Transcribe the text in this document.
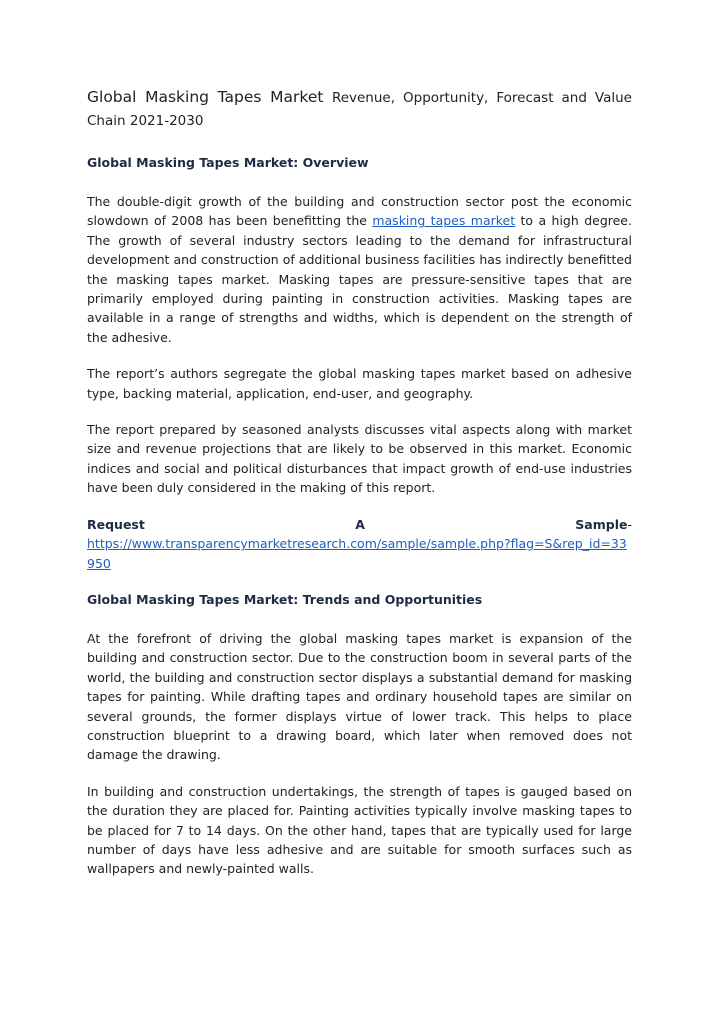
Global Masking Tapes Market Revenue, Opportunity, Forecast and Value Chain 2021-2030

Global Masking Tapes Market: Overview

The double-digit growth of the building and construction sector post the economic slowdown of 2008 has been benefitting the masking tapes market to a high degree. The growth of several industry sectors leading to the demand for infrastructural development and construction of additional business facilities has indirectly benefitted the masking tapes market. Masking tapes are pressure-sensitive tapes that are primarily employed during painting in construction activities. Masking tapes are available in a range of strengths and widths, which is dependent on the strength of the adhesive.

The report’s authors segregate the global masking tapes market based on adhesive type, backing material, application, end-user, and geography.

The report prepared by seasoned analysts discusses vital aspects along with market size and revenue projections that are likely to be observed in this market. Economic indices and social and political disturbances that impact growth of end-use industries have been duly considered in the making of this report.

Request	A	Sample-
https://www.transparencymarketresearch.com/sample/sample.php?flag=S&rep_id=33950

Global Masking Tapes Market: Trends and Opportunities

At the forefront of driving the global masking tapes market is expansion of the building and construction sector. Due to the construction boom in several parts of the world, the building and construction sector displays a substantial demand for masking tapes for painting. While drafting tapes and ordinary household tapes are similar on several grounds, the former displays virtue of lower track. This helps to place construction blueprint to a drawing board, which later when removed does not damage the drawing.

In building and construction undertakings, the strength of tapes is gauged based on the duration they are placed for. Painting activities typically involve masking tapes to be placed for 7 to 14 days. On the other hand, tapes that are typically used for large number of days have less adhesive and are suitable for smooth surfaces such as wallpapers and newly-painted walls.
